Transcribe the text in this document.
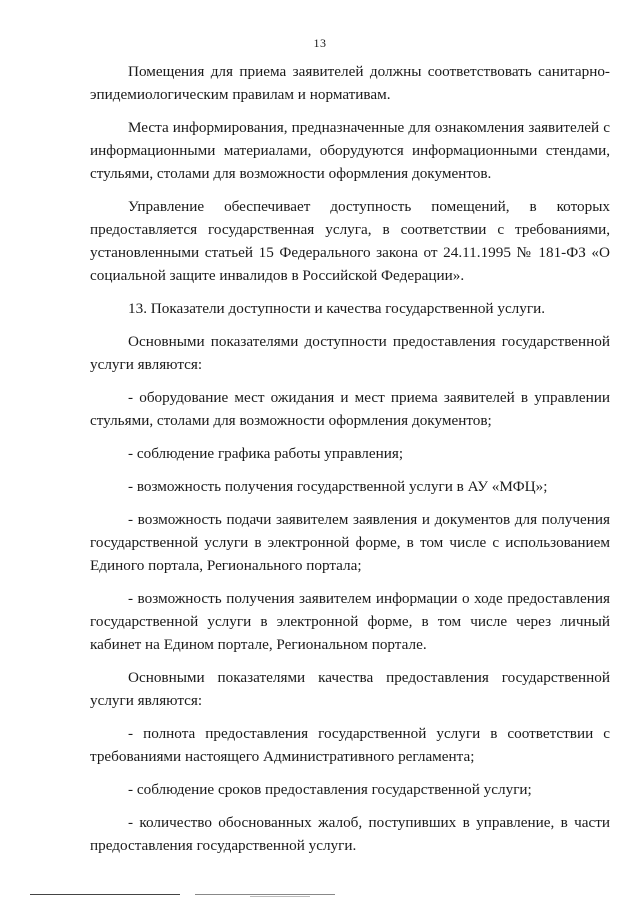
13

Помещения для приема заявителей должны соответствовать санитарно-эпидемиологическим правилам и нормативам.

Места информирования, предназначенные для ознакомления заявителей с информационными материалами, оборудуются информационными стендами, стульями, столами для возможности оформления документов.

Управление обеспечивает доступность помещений, в которых предоставляется государственная услуга, в соответствии с требованиями, установленными статьей 15 Федерального закона от 24.11.1995 № 181-ФЗ «О социальной защите инвалидов в Российской Федерации».

13. Показатели доступности и качества государственной услуги.

Основными показателями доступности предоставления государственной услуги являются:

- оборудование мест ожидания и мест приема заявителей в управлении стульями, столами для возможности оформления документов;

- соблюдение графика работы управления;

- возможность получения государственной услуги в АУ «МФЦ»;

- возможность подачи заявителем заявления и документов для получения государственной услуги в электронной форме, в том числе с использованием Единого портала, Регионального портала;

- возможность получения заявителем информации о ходе предоставления государственной услуги в электронной форме, в том числе через личный кабинет на Едином портале, Региональном портале.

Основными показателями качества предоставления государственной услуги являются:

- полнота предоставления государственной услуги в соответствии с требованиями настоящего Административного регламента;

- соблюдение сроков предоставления государственной услуги;

- количество обоснованных жалоб, поступивших в управление, в части предоставления государственной услуги.
